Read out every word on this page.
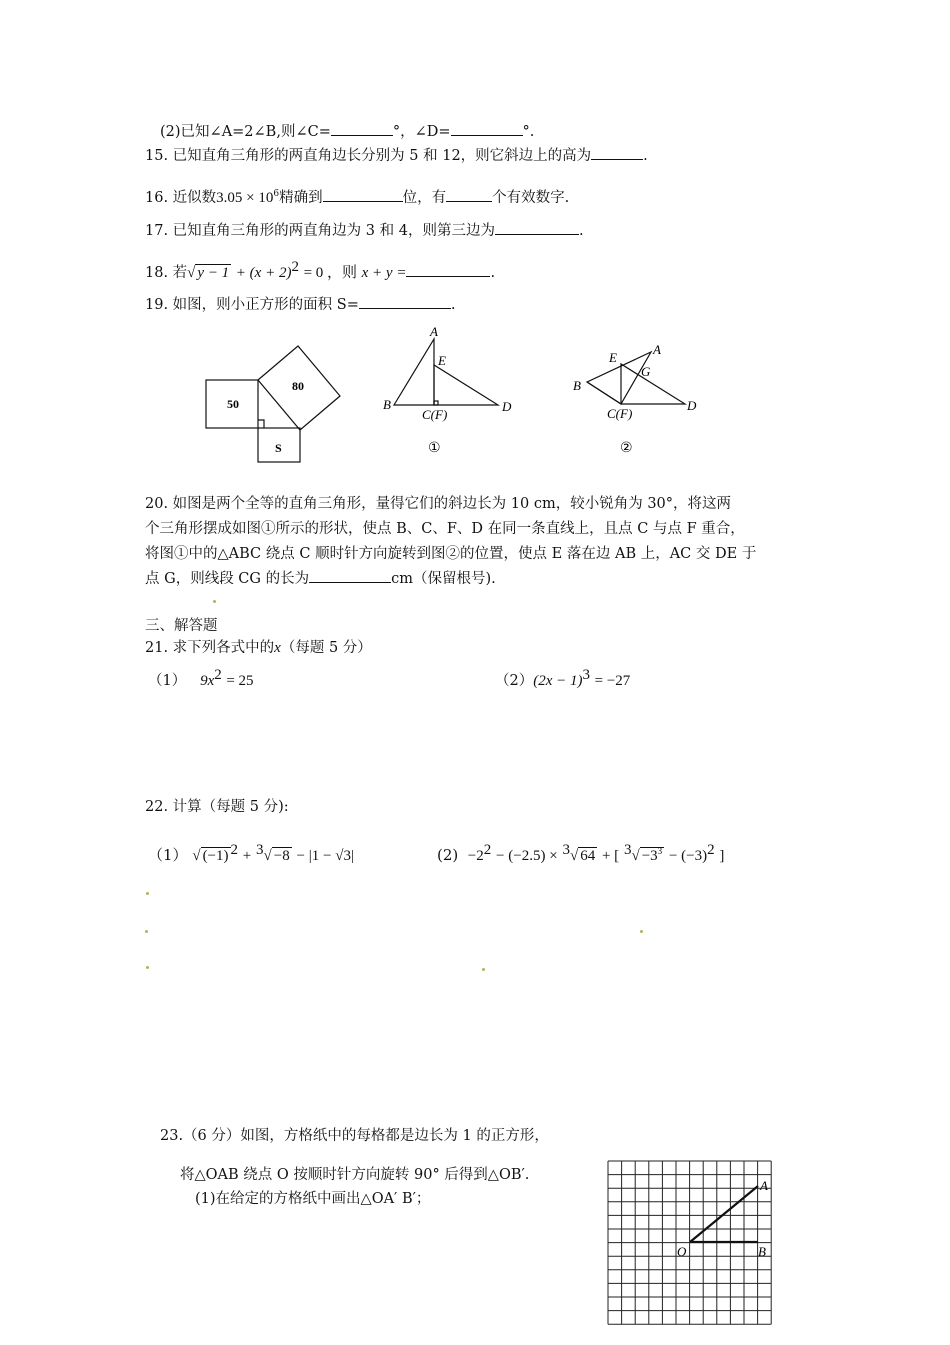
(2)已知∠A=2∠B,则∠C=	°，∠D=	°.
15. 已知直角三角形的两直角边长分别为 5 和 12，则它斜边上的高为	.
16. 近似数$3.05 \times 10^6$精确到	位，有	个有效数字.
17. 已知直角三角形的两直角边为 3 和 4，则第三边为	.
18. 若√ $y - 1 + (x + 2)^2 = 0$ ，则 x + y =	.
19. 如图，则小正方形的面积 S=	.
50
80
S
A
E
B
C(F)
D
①
E
A
G
B
C(F)
D
②
20. 如图是两个全等的直角三角形，量得它们的斜边长为 10 cm，较小锐角为 30°，将这两
个三角形摆成如图①所示的形状，使点 B、C、F、D 在同一条直线上，且点 C 与点 F 重合，
将图①中的△ABC 绕点 C 顺时针方向旋转到图②的位置，使点 E 落在边 AB 上，AC 交 DE 于
点 G，则线段 CG 的长为	cm（保留根号).
三、解答题
21. 求下列各式中的x（每题 5 分）
（1） $9x^2 = 25$	$(2)(2x - 1)^3 = -27$
22. 计算（每题 5 分):
（1） √ (−1) $^2$ + $^3$√ −8 − |1 − √3|	$(2) -2^2 - (-2.5) \times ^3√$ 64 + [ $^3√ -3^3 - (-3)^2$ ]
23.（6 分）如图，方格纸中的每格都是边长为 1 的正方形，
将△OAB 绕点 O 按顺时针方向旋转 90° 后得到△OB′.
(1)在给定的方格纸中画出△OA′ B′；
A
O	B
